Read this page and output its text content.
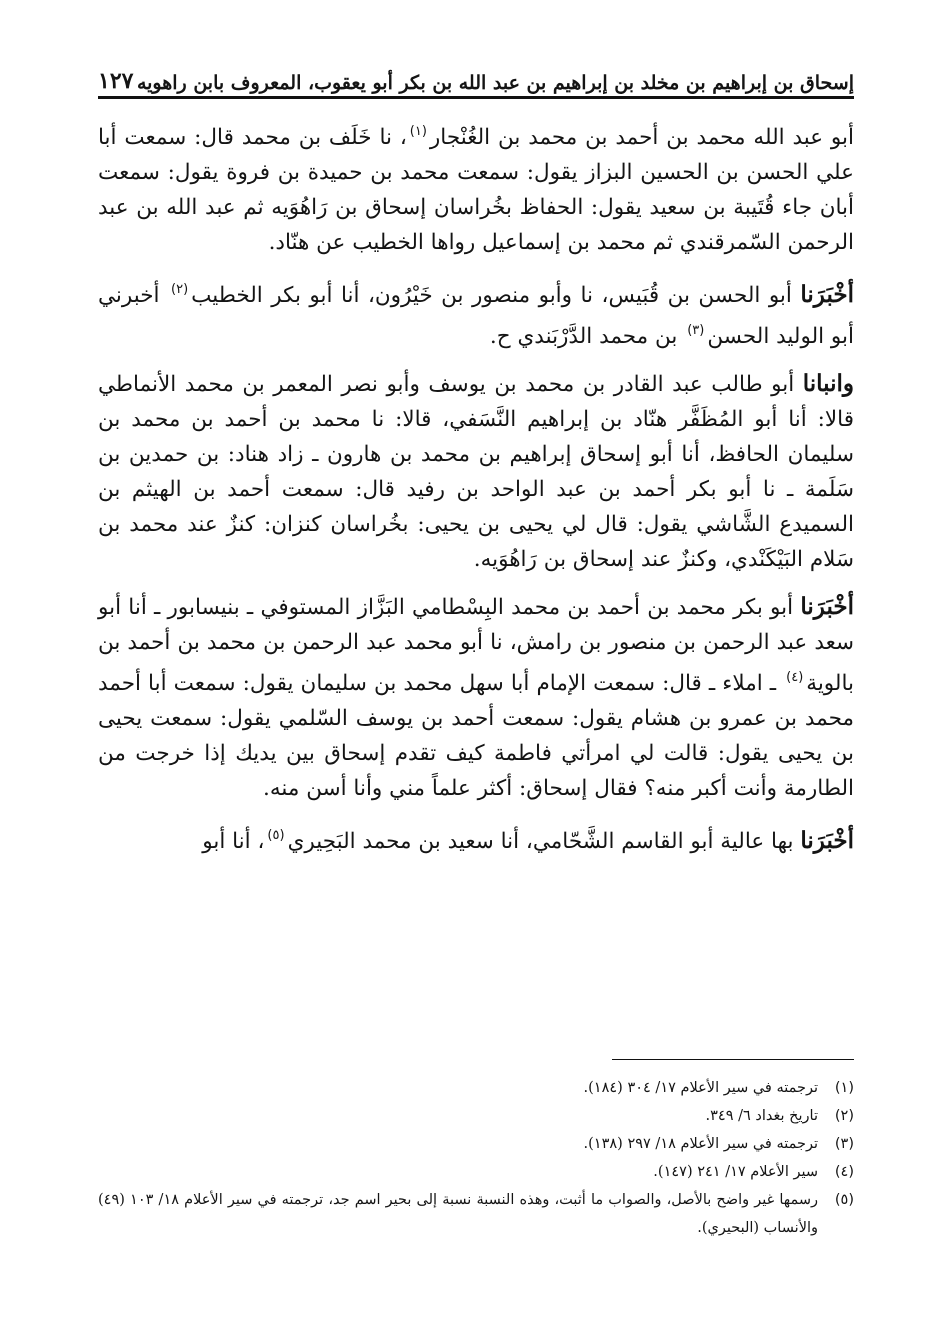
إسحاق بن إبراهيم بن مخلد بن إبراهيم بن عبد الله بن بكر أبو يعقوب، المعروف بابن راهويه
١٢٧

أبو عبد الله محمد بن أحمد بن محمد بن الغُنْجار$^{(١)}$، نا خَلَف بن محمد قال: سمعت أبا علي الحسن بن الحسين البزاز يقول: سمعت محمد بن حميدة بن فروة يقول: سمعت أبان جاء قُتَيبة بن سعيد يقول: الحفاظ بخُراسان إسحاق بن رَاهُوَيه ثم عبد الله بن عبد الرحمن السّمرقندي ثم محمد بن إسماعيل رواها الخطيب عن هنّاد.

أخْبَرَنا أبو الحسن بن قُبَيس، نا وأبو منصور بن خَيْرُون، أنا أبو بكر الخطيب$^{(٢)}$ أخبرني أبو الوليد الحسن$^{(٣)}$ بن محمد الدَّرْبَندي ح.

وانبانا أبو طالب عبد القادر بن محمد بن يوسف وأبو نصر المعمر بن محمد الأنماطي قالا: أنا أبو المُظَفَّر هنّاد بن إبراهيم النَّسَفي، قالا: نا محمد بن أحمد بن محمد بن سليمان الحافظ، أنا أبو إسحاق إبراهيم بن محمد بن هارون ـ زاد هناد: بن حمدين بن سَلَمة ـ نا أبو بكر أحمد بن عبد الواحد بن رفيد قال: سمعت أحمد بن الهيثم بن السميدع الشَّاشي يقول: قال لي يحيى بن يحيى: بخُراسان كنزان: كنزٌ عند محمد بن سَلام البَيْكَنْدي، وكنزٌ عند إسحاق بن رَاهُوَيه.

أخْبَرَنا أبو بكر محمد بن أحمد بن محمد البِسْطامي البَزَّاز المستوفي ـ بنيسابور ـ أنا أبو سعد عبد الرحمن بن منصور بن رامش، نا أبو محمد عبد الرحمن بن محمد بن أحمد بن بالوية$^{(٤)}$ ـ املاء ـ قال: سمعت الإمام أبا سهل محمد بن سليمان يقول: سمعت أبا أحمد محمد بن عمرو بن هشام يقول: سمعت أحمد بن يوسف السّلمي يقول: سمعت يحيى بن يحيى يقول: قالت لي امرأتي فاطمة كيف تقدم إسحاق بين يديك إذا خرجت من الطارمة وأنت أكبر منه؟ فقال إسحاق: أكثر علماً مني وأنا أسن منه.

أخْبَرَنا بها عالية أبو القاسم الشَّحّامي، أنا سعيد بن محمد البَحِيري$^{(٥)}$، أنا أبو

(١)
ترجمته في سير الأعلام ١٧/ ٣٠٤ (١٨٤).
(٢)
تاريخ بغداد ٦/ ٣٤٩.
(٣)
ترجمته في سير الأعلام ١٨/ ٢٩٧ (١٣٨).
(٤)
سير الأعلام ١٧/ ٢٤١ (١٤٧).
(٥)
رسمها غير واضح بالأصل، والصواب ما أثبت، وهذه النسبة نسبة إلى بحير اسم جد، ترجمته في سير الأعلام ١٨/ ١٠٣ (٤٩) والأنساب (البحيري).
